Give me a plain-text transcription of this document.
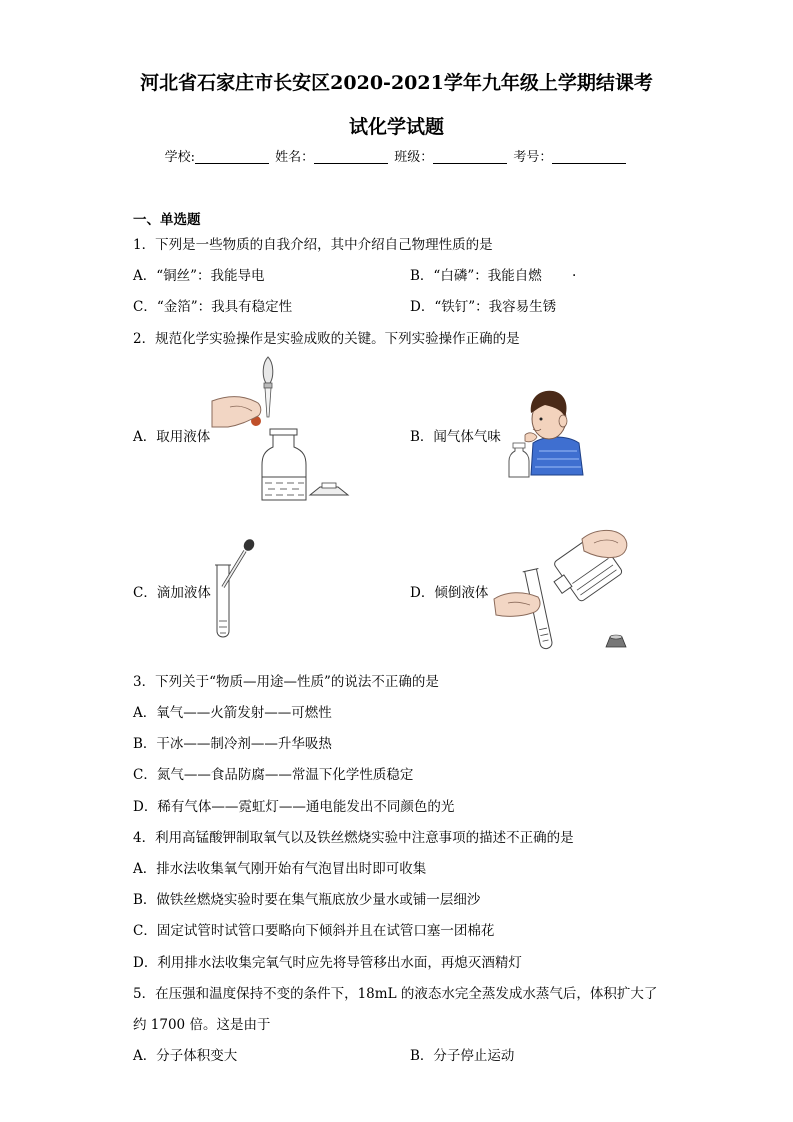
河北省石家庄市长安区2020-2021学年九年级上学期结课考
试化学试题
学校:	姓名：	班级：	考号：
一、单选题
1．下列是一些物质的自我介绍，其中介绍自己物理性质的是
A．“铜丝”：我能导电	B．“白磷”：我能自燃 .
C．“金箔”：我具有稳定性	D．“铁钉”：我容易生锈
2．规范化学实验操作是实验成败的关键。下列实验操作正确的是
A．取用液体	B．闻气体气味
C．滴加液体	D．倾倒液体
3．下列关于“物质—用途—性质”的说法不正确的是
A．氧气——火箭发射——可燃性
B．干冰——制冷剂——升华吸热
C．氮气——食品防腐——常温下化学性质稳定
D．稀有气体——霓虹灯——通电能发出不同颜色的光
4．利用高锰酸钾制取氧气以及铁丝燃烧实验中注意事项的描述不正确的是
A．排水法收集氧气刚开始有气泡冒出时即可收集
B．做铁丝燃烧实验时要在集气瓶底放少量水或铺一层细沙
C．固定试管时试管口要略向下倾斜并且在试管口塞一团棉花
D．利用排水法收集完氧气时应先将导管移出水面，再熄灭酒精灯
5．在压强和温度保持不变的条件下，18mL 的液态水完全蒸发成水蒸气后，体积扩大了
约 1700 倍。这是由于
A．分子体积变大	B．分子停止运动
